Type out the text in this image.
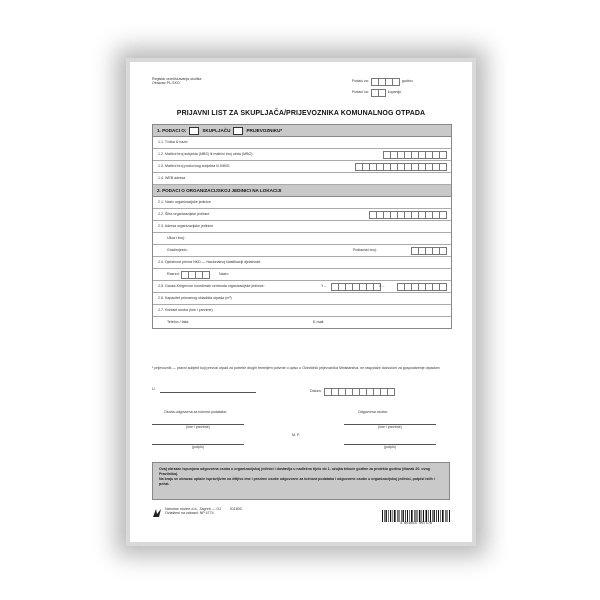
Registar onečišćavanja okoliša
Obrazac PL-SKO	Podaci za:	godinu
Podaci za:	županiju
PRIJAVNI LIST ZA SKUPLJAČA/PRIJEVOZNIKA KOMUNALNOG OTPADA
1. PODACI O:	SKUPLJAČU	PRIJEVOZNIKU*
1.1. Tvrtka & naziv
1.2. Matični broj subjekta (MBS) ili matični broj obrta (MBO)
1.3. Matični broj poslovnog subjekta ili JMBG
1.4. WEB adresa
2. PODACI O ORGANIZACIJSKOJ JEDINICI NA LOKACIJI
2.1. Naziv organizacijske jedinice
2.2. Šifra organizacijske jedinice
2.3. Adresa organizacijske jedinice
Ulica i broj:
Grad/mjesto:	Poštanski broj:
2.4. Djelatnost prema NKD — Nacionalnoj klasifikaciji djelatnosti
Razred:	Naziv:
2.5. Gauss-Krügerove koordinate centroida organizacijske jedinice:	Y –	X –
2.6. Kapacitet primarnog skladišta otpada (m³)
2.7. Kontakt osoba (ime i prezime)
Telefon / faks:	E-mail:
* prijevoznik — pravni subjekt koji prevozi otpad za potrebe drugih temeljem potvrde o upisu u Očevidnik prijevoznika Ministarstva, ne raspolaže dozvolom za gospodarenje otpadom
U
Datum:
Osoba odgovorna za točnost podataka:	Odgovorna osoba:
(ime i prezime)	(ime i prezime)
M. P.
(potpis)	(potpis)
Ovaj obrazac ispunjava odgovorna osoba u organizacijskoj jedinici i dostavlja u nadležno tijelo do 1. ožujka tekuće godine za proteklu godinu (članak 20. ovog Pravilnika).
Na kraju se obrazac uplače ispravljivim na čitljivo ime i prezime osobe odgovorne za točnost podataka i odgovorne osobe u organizacijskoj jedinici, potpisi istih i pečat.
Narodne novine d.d., Zagreb — OJ
Ovlašteni na zabrani: NP 4774
511800
3 856015 067176
